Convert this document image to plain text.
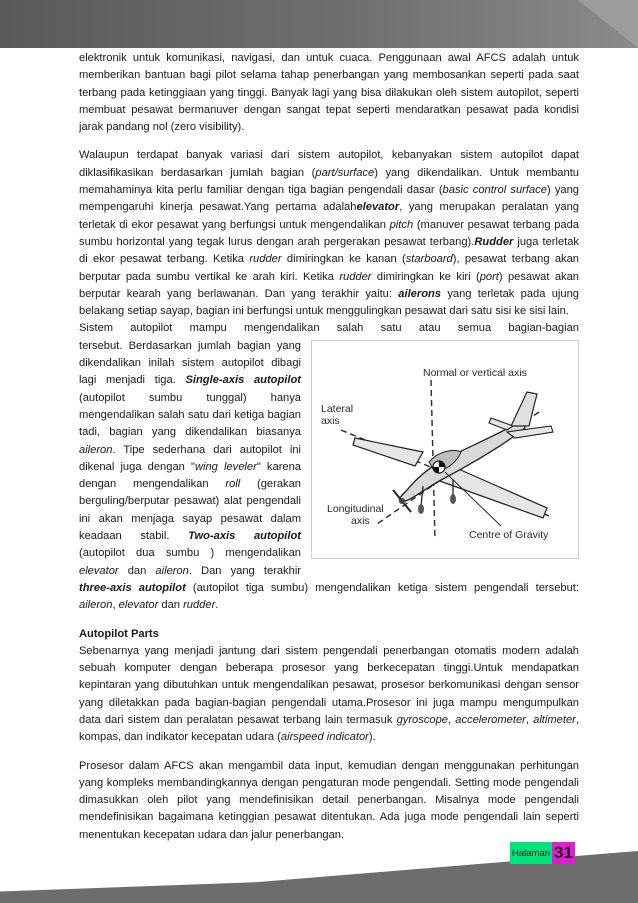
elektronik untuk komunikasi, navigasi, dan untuk cuaca. Penggunaan awal AFCS adalah untuk memberikan bantuan bagi pilot selama tahap penerbangan yang membosankan seperti pada saat terbang pada ketinggiaan yang tinggi. Banyak lagi yang bisa dilakukan oleh sistem autopilot, seperti membuat pesawat bermanuver dengan sangat tepat seperti mendaratkan pesawat pada kondisi jarak pandang nol (zero visibility).

Walaupun terdapat banyak variasi dari sistem autopilot, kebanyakan sistem autopilot dapat diklasifikasikan berdasarkan jumlah bagian (part/surface) yang dikendalikan. Untuk membantu memahaminya kita perlu familiar dengan tiga bagian pengendali dasar (basic control surface) yang mempengaruhi kinerja pesawat.Yang pertama adalahelevator, yang merupakan peralatan yang terletak di ekor pesawat yang berfungsi untuk mengendalikan pitch (manuver pesawat terbang pada sumbu horizontal yang tegak lurus dengan arah pergerakan pesawat terbang).Rudder juga terletak di ekor pesawat terbang. Ketika rudder dimiringkan ke kanan (starboard), pesawat terbang akan berputar pada sumbu vertikal ke arah kiri. Ketika rudder dimiringkan ke kiri (port) pesawat akan berputar kearah yang berlawanan. Dan yang terakhir yaitu: ailerons yang terletak pada ujung belakang setiap sayap, bagian ini berfungsi untuk menggulingkan pesawat dari satu sisi ke sisi lain.

Sistem autopilot mampu mengendalikan salah satu atau semua bagian-bagian

Normal or vertical axis
Lateral
axis
Longitudinal
axis
Centre of Gravity

tersebut. Berdasarkan jumlah bagian yang dikendalikan inilah sistem autopilot dibagi lagi menjadi tiga. Single-axis autopilot (autopilot sumbu tunggal) hanya mengendalikan salah satu dari ketiga bagian tadi, bagian yang dikendalikan biasanya aileron. Tipe sederhana dari autopilot ini dikenal juga dengan "wing leveler" karena dengan mengendalikan roll (gerakan berguling/berputar pesawat) alat pengendali ini akan menjaga sayap pesawat dalam keadaan stabil. Two-axis autopilot (autopilot dua sumbu ) mengendalikan elevator dan aileron. Dan yang terakhir three-axis autopilot (autopilot tiga sumbu) mengendalikan ketiga sistem pengendali tersebut: aileron, elevator dan rudder.

Autopilot Parts

Sebenarnya yang menjadi jantung dari sistem pengendali penerbangan otomatis modern adalah sebuah komputer dengan beberapa prosesor yang berkecepatan tinggi.Untuk mendapatkan kepintaran yang dibutuhkan untuk mengendalikan pesawat, prosesor berkomunikasi dengan sensor yang diletakkan pada bagian-bagian pengendali utama.Prosesor ini juga mampu mengumpulkan data dari sistem dan peralatan pesawat terbang lain termasuk gyroscope, accelerometer, altimeter, kompas, dan indikator kecepatan udara (airspeed indicator).

Prosesor dalam AFCS akan mengambil data input, kemudian dengan menggunakan perhitungan yang kompleks membandingkannya dengan pengaturan mode pengendali. Setting mode pengendali dimasukkan oleh pilot yang mendefinisikan detail penerbangan. Misalnya mode pengendali mendefinisikan bagaimana ketinggian pesawat ditentukan. Ada juga mode pengendali lain seperti menentukan kecepatan udara dan jalur penerbangan.

Halaman 31
